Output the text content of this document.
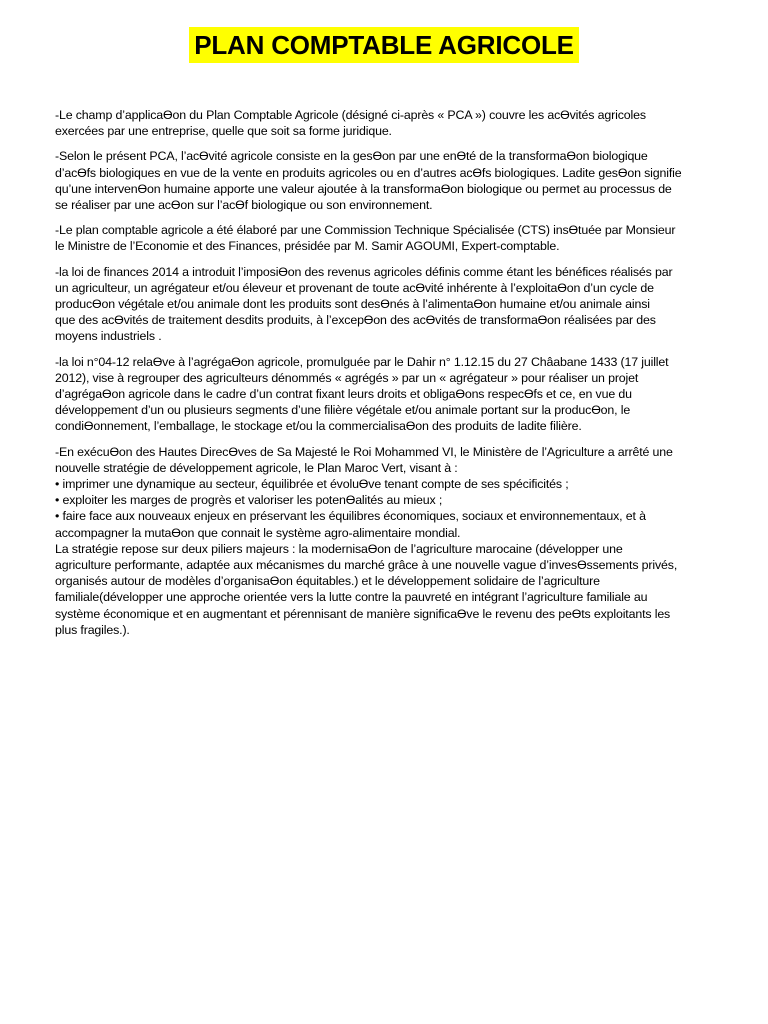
PLAN COMPTABLE AGRICOLE

-Le champ d’applicaƟon du Plan Comptable Agricole (désigné ci-après « PCA ») couvre les acƟvités agricoles
exercées par une entreprise, quelle que soit sa forme juridique.

-Selon le présent PCA, l’acƟvité agricole consiste en la gesƟon par une enƟté de la transformaƟon biologique
d’acƟfs biologiques en vue de la vente en produits agricoles ou en d’autres acƟfs biologiques. Ladite gesƟon signifie
qu’une intervenƟon humaine apporte une valeur ajoutée à la transformaƟon biologique ou permet au processus de
se réaliser par une acƟon sur l’acƟf biologique ou son environnement.

-Le plan comptable agricole a été élaboré par une Commission Technique Spécialisée (CTS) insƟtuée par Monsieur
le Ministre de l’Economie et des Finances, présidée par M. Samir AGOUMI, Expert-comptable.

-la loi de finances 2014 a introduit l’imposiƟon des revenus agricoles définis comme étant les bénéfices réalisés par
un agriculteur, un agrégateur et/ou éleveur et provenant de toute acƟvité inhérente à l’exploitaƟon d’un cycle de
producƟon végétale et/ou animale dont les produits sont desƟnés à l’alimentaƟon humaine et/ou animale ainsi
que des acƟvités de traitement desdits produits, à l’excepƟon des acƟvités de transformaƟon réalisées par des
moyens industriels .

-la loi n°04-12 relaƟve à l’agrégaƟon agricole, promulguée par le Dahir n° 1.12.15 du 27 Châabane 1433 (17 juillet
2012), vise à regrouper des agriculteurs dénommés « agrégés » par un « agrégateur » pour réaliser un projet
d’agrégaƟon agricole dans le cadre d’un contrat fixant leurs droits et obligaƟons respecƟfs et ce, en vue du
développement d’un ou plusieurs segments d’une filière végétale et/ou animale portant sur la producƟon, le
condiƟonnement, l’emballage, le stockage et/ou la commercialisaƟon des produits de ladite filière.

-En exécuƟon des Hautes DirecƟves de Sa Majesté le Roi Mohammed VI, le Ministère de l’Agriculture a arrêté une
nouvelle stratégie de développement agricole, le Plan Maroc Vert, visant à :
• imprimer une dynamique au secteur, équilibrée et évoluƟve tenant compte de ses spécificités ;
• exploiter les marges de progrès et valoriser les potenƟalités au mieux ;
• faire face aux nouveaux enjeux en préservant les équilibres économiques, sociaux et environnementaux, et à
accompagner la mutaƟon que connait le système agro-alimentaire mondial.
La stratégie repose sur deux piliers majeurs : la modernisaƟon de l’agriculture marocaine (développer une
agriculture performante, adaptée aux mécanismes du marché grâce à une nouvelle vague d’invesƟssements privés,
organisés autour de modèles d’organisaƟon équitables.) et le développement solidaire de l’agriculture
familiale(développer une approche orientée vers la lutte contre la pauvreté en intégrant l’agriculture familiale au
système économique et en augmentant et pérennisant de manière significaƟve le revenu des peƟts exploitants les
plus fragiles.).
